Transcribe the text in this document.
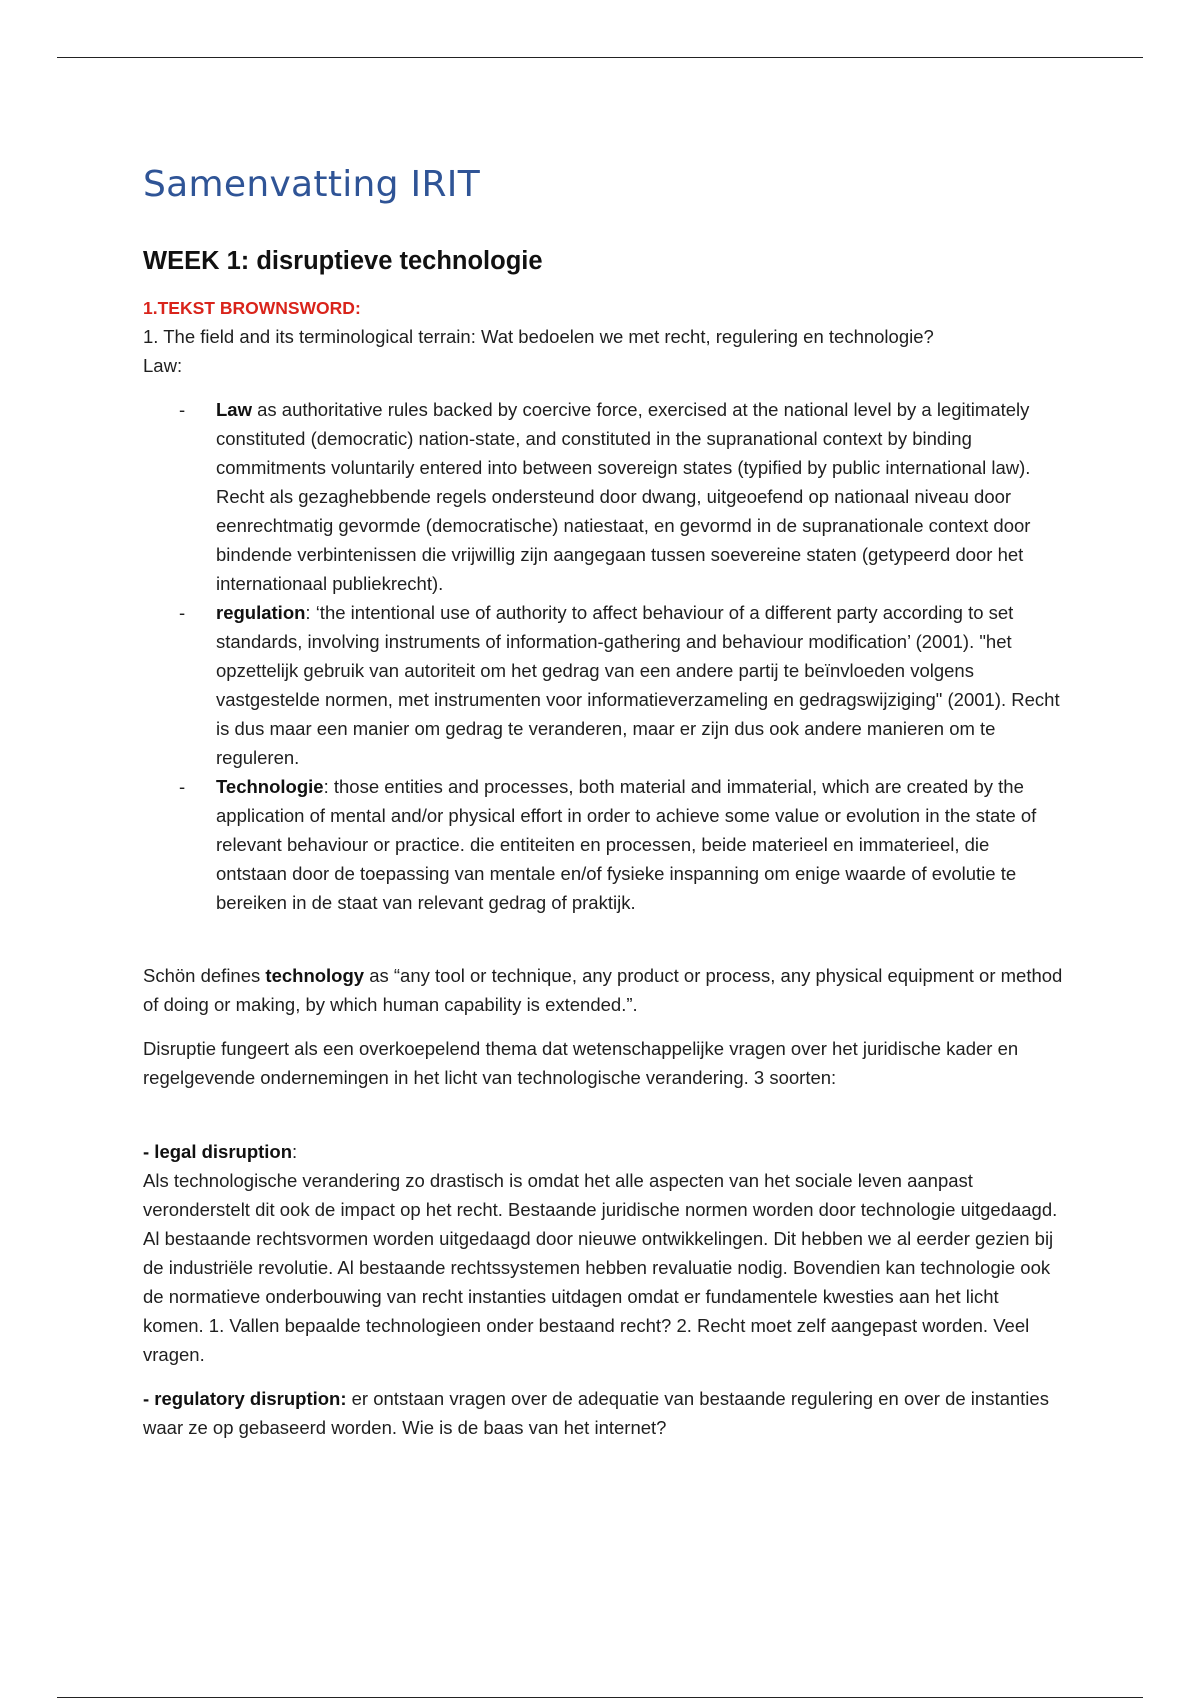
Samenvatting IRIT
WEEK 1: disruptieve technologie
1.TEKST BROWNSWORD:

1. The field and its terminological terrain: Wat bedoelen we met recht, regulering en technologie?

Law:

- Law as authoritative rules backed by coercive force, exercised at the national level by a legitimately constituted (democratic) nation-state, and constituted in the supranational context by binding commitments voluntarily entered into between sovereign states (typified by public international law). Recht als gezaghebbende regels ondersteund door dwang, uitgeoefend op nationaal niveau door eenrechtmatig gevormde (democratische) natiestaat, en gevormd in de supranationale context door bindende verbintenissen die vrijwillig zijn aangegaan tussen soevereine staten (getypeerd door het internationaal publiekrecht).
- regulation: ‘the intentional use of authority to affect behaviour of a different party according to set standards, involving instruments of information-gathering and behaviour modification’ (2001). "het opzettelijk gebruik van autoriteit om het gedrag van een andere partij te beïnvloeden volgens vastgestelde normen, met instrumenten voor informatieverzameling en gedragswijziging" (2001). Recht is dus maar een manier om gedrag te veranderen, maar er zijn dus ook andere manieren om te reguleren.
- Technologie: those entities and processes, both material and immaterial, which are created by the application of mental and/or physical effort in order to achieve some value or evolution in the state of relevant behaviour or practice. die entiteiten en processen, beide materieel en immaterieel, die ontstaan door de toepassing van mentale en/of fysieke inspanning om enige waarde of evolutie te bereiken in de staat van relevant gedrag of praktijk.

Schön defines technology as “any tool or technique, any product or process, any physical equipment or method of doing or making, by which human capability is extended.”.

Disruptie fungeert als een overkoepelend thema dat wetenschappelijke vragen over het juridische kader en regelgevende ondernemingen in het licht van technologische verandering. 3 soorten:

- legal disruption:

Als technologische verandering zo drastisch is omdat het alle aspecten van het sociale leven aanpast veronderstelt dit ook de impact op het recht. Bestaande juridische normen worden door technologie uitgedaagd. Al bestaande rechtsvormen worden uitgedaagd door nieuwe ontwikkelingen. Dit hebben we al eerder gezien bij de industriële revolutie. Al bestaande rechtssystemen hebben revaluatie nodig. Bovendien kan technologie ook de normatieve onderbouwing van recht instanties uitdagen omdat er fundamentele kwesties aan het licht komen. 1. Vallen bepaalde technologieen onder bestaand recht? 2. Recht moet zelf aangepast worden. Veel vragen.

- regulatory disruption: er ontstaan vragen over de adequatie van bestaande regulering en over de instanties waar ze op gebaseerd worden. Wie is de baas van het internet?
